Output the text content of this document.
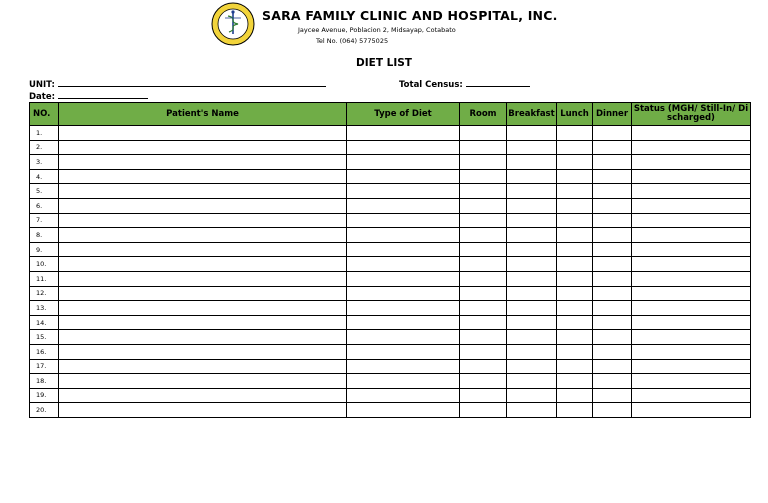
SARA FAMILY CLINIC AND HOSPITAL, INC.
Jaycee Avenue, Poblacion 2, Midsayap, Cotabato
Tel No. (064) 5775025
DIET LIST
UNIT:	Total Census:
Date:
NO.	Patient's Name	Type of Diet	Room	Breakfast	Lunch	Dinner	Status (MGH/ Still-In/ Discharged)
1.							
2.							
3.							
4.							
5.							
6.							
7.							
8.							
9.							
10.							
11.							
12.							
13.							
14.							
15.							
16.							
17.							
18.							
19.							
20.							
